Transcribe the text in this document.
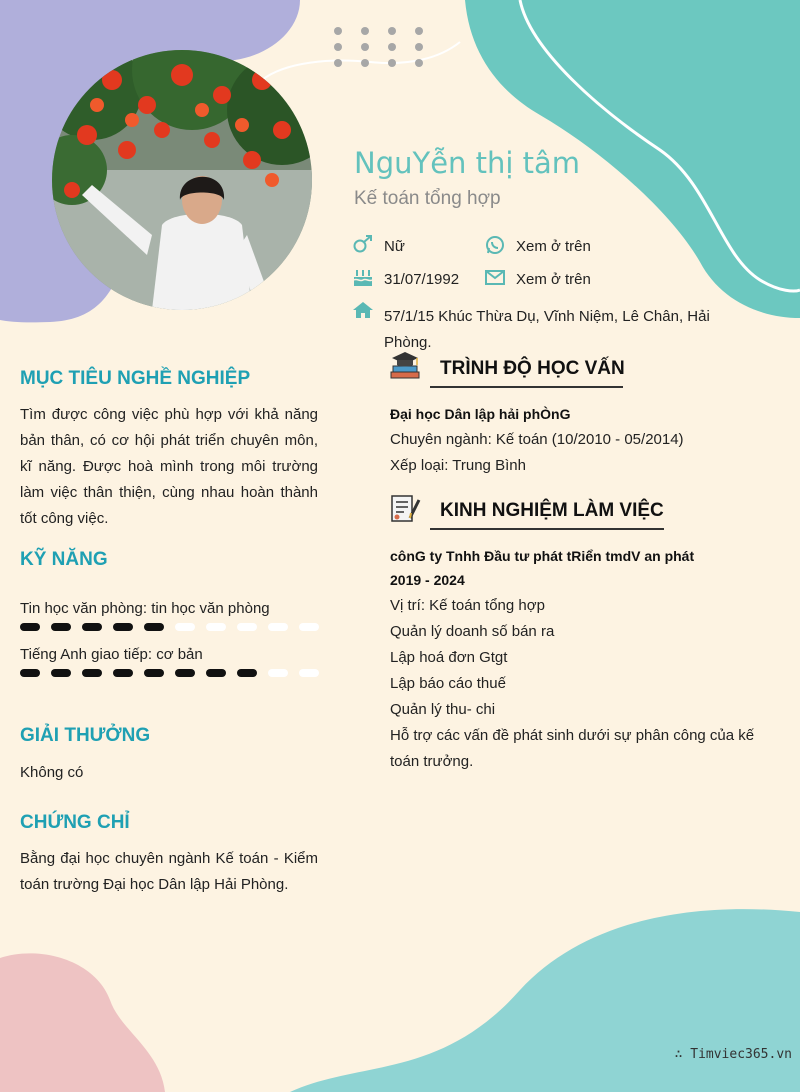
NguYễn thị tâm
Kế toán tổng hợp
Nữ	Xem ở trên
31/07/1992	Xem ở trên
57/1/15 Khúc Thừa Dụ, Vĩnh Niệm, Lê Chân, Hải
Phòng.
MỤC TIÊU NGHỀ NGHIỆP
Tìm được công việc phù hợp với khả năng bản thân, có cơ hội phát triển chuyên môn, kĩ năng. Được hoà mình trong môi trường làm việc thân thiện, cùng nhau hoàn thành tốt công việc.
KỸ NĂNG
Tin học văn phòng: tin học văn phòng
Tiếng Anh giao tiếp: cơ bản
GIẢI THƯỞNG
Không có
CHỨNG CHỈ
Bằng đại học chuyên ngành Kế toán - Kiểm toán trường Đại học Dân lập Hải Phòng.
TRÌNH ĐỘ HỌC VẤN
Đại học Dân lập hải phÒnG
Chuyên ngành: Kế toán (10/2010 - 05/2014)
Xếp loại: Trung Bình
KINH NGHIỆM LÀM VIỆC
cônG ty Tnhh Đầu tư phát tRiển tmdV an phát
2019 - 2024
Vị trí: Kế toán tổng hợp
Quản lý doanh số bán ra
Lập hoá đơn Gtgt
Lập báo cáo thuế
Quản lý thu- chi
Hỗ trợ các vấn đề phát sinh dưới sự phân công của kế
toán trưởng.
∴ Timviec365.vn
